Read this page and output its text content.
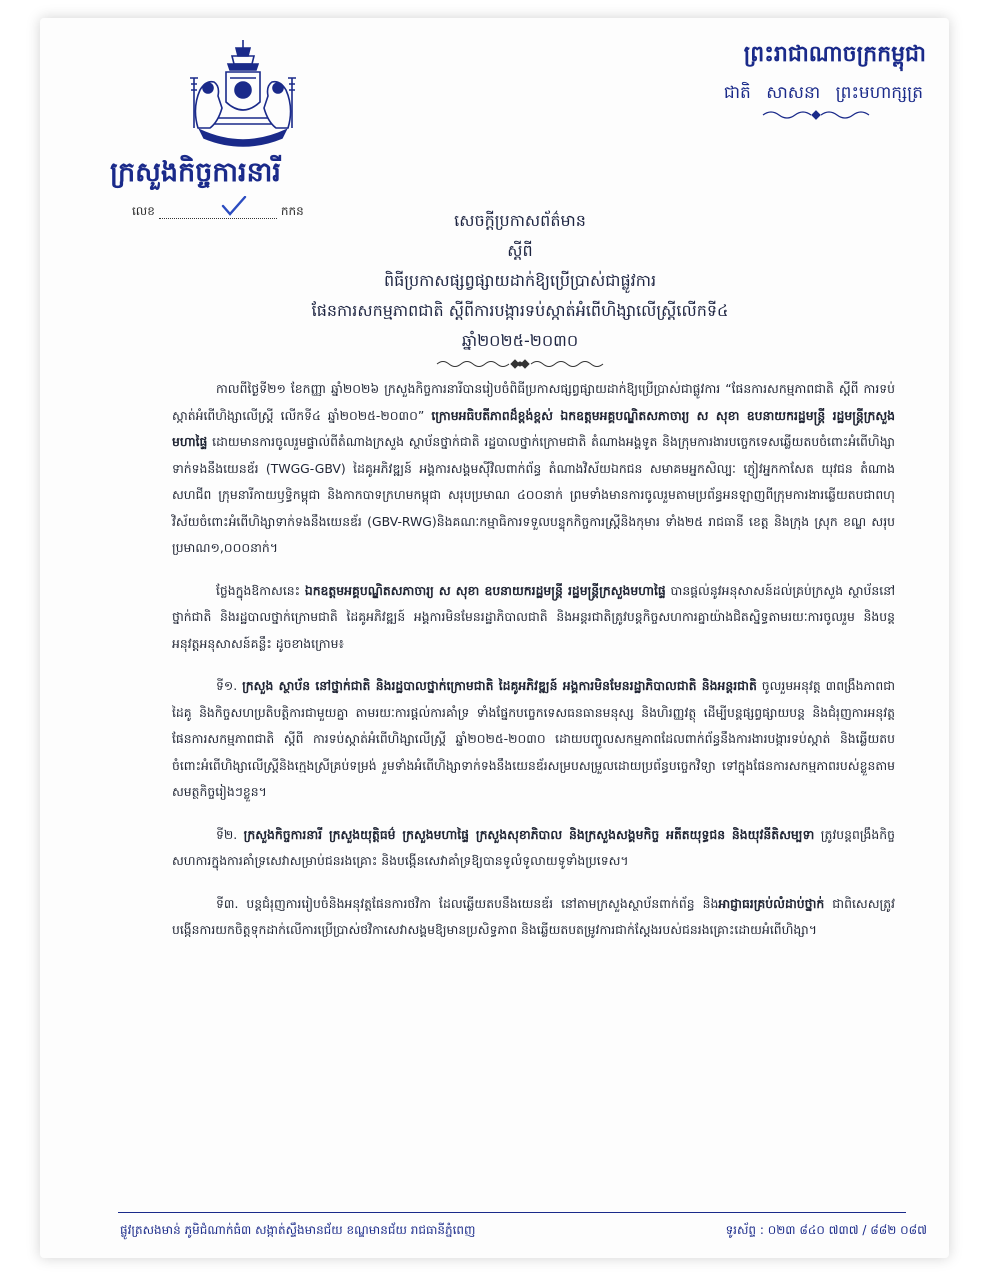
ក្រសួងកិច្ចការនារី
លេខ	កកន
ព្រះរាជាណាចក្រកម្ពុជា
ជាតិ សាសនា ព្រះមហាក្សត្រ
សេចក្តីប្រកាសព័ត៌មាន
ស្តីពី
ពិធីប្រកាសផ្សព្វផ្សាយដាក់ឱ្យប្រើប្រាស់ជាផ្លូវការ
ផែនការសកម្មភាពជាតិ ស្តីពីការបង្ការទប់ស្កាត់អំពើហិង្សាលើស្ត្រីលើកទី៤
ឆ្នាំ២០២៥-២០៣០

កាលពីថ្ងៃទី២១ ខែកញ្ញា ឆ្នាំ២០២៦ ក្រសួងកិច្ចការនារីបានរៀបចំពិធីប្រកាសផ្សព្វផ្សាយដាក់ឱ្យប្រើប្រាស់ជាផ្លូវការ “ផែនការសកម្មភាពជាតិ ស្តីពី ការទប់ស្កាត់អំពើហិង្សាលើស្ត្រី លើកទី៤ ឆ្នាំ២០២៥-២០៣០” ក្រោមអធិបតីភាពដ៏ខ្ពង់ខ្ពស់ ឯកឧត្តមអគ្គបណ្ឌិតសភាចារ្យ ស សុខា ឧបនាយករដ្ឋមន្ត្រី រដ្ឋមន្ត្រីក្រសួងមហាផ្ទៃ ដោយមានការចូលរួមផ្ទាល់ពីតំណាងក្រសួង ស្ថាប័នថ្នាក់ជាតិ រដ្ឋបាលថ្នាក់ក្រោមជាតិ តំណាងអង្គទូត និងក្រុមការងារបច្ចេកទេសឆ្លើយតបចំពោះអំពើហិង្សាទាក់ទងនឹងយេនឌ័រ (TWGG-GBV) ដៃគូអភិវឌ្ឍន៍ អង្គការសង្គមស៊ីវិលពាក់ព័ន្ធ តំណាងវិស័យឯកជន សមាគមអ្នកសិល្បៈ ភ្ញៀវអ្នកកាសែត យុវជន តំណាងសហជីព ក្រុមនារីកាយឫទ្ធិកម្ពុជា និងកាកបាទក្រហមកម្ពុជា សរុបប្រមាណ ៤០០នាក់ ព្រមទាំងមានការចូលរួមតាមប្រព័ន្ធអនឡាញពីក្រុមការងារឆ្លើយតបជាពហុវិស័យចំពោះអំពើហិង្សាទាក់ទងនឹងយេនឌ័រ (GBV-RWG)និងគណៈកម្មាធិការទទួលបន្ទុកកិច្ចការស្ត្រីនិងកុមារ ទាំង២៥ រាជធានី ខេត្ត និងក្រុង ស្រុក ខណ្ឌ សរុបប្រមាណ១,០០០នាក់។

ថ្លែងក្នុងឱកាសនេះ ឯកឧត្តមអគ្គបណ្ឌិតសភាចារ្យ ស សុខា ឧបនាយករដ្ឋមន្ត្រី រដ្ឋមន្ត្រីក្រសួងមហាផ្ទៃ បានផ្តល់នូវអនុសាសន៍ដល់គ្រប់ក្រសួង ស្ថាប័ននៅថ្នាក់ជាតិ និងរដ្ឋបាលថ្នាក់ក្រោមជាតិ ដៃគូអភិវឌ្ឍន៍ អង្គការមិនមែនរដ្ឋាភិបាលជាតិ និងអន្តរជាតិត្រូវបន្តកិច្ចសហការគ្នាយ៉ាងជិតស្និទ្ធតាមរយៈការចូលរួម និងបន្តអនុវត្តអនុសាសន៍គន្លឹះ ដូចខាងក្រោម៖

ទី១. ក្រសួង ស្ថាប័ន នៅថ្នាក់ជាតិ និងរដ្ឋបាលថ្នាក់ក្រោមជាតិ ដៃគូអភិវឌ្ឍន៍ អង្គការមិនមែនរដ្ឋាភិបាលជាតិ និងអន្តរជាតិ ចូលរួមអនុវត្ត ៣ពង្រឹងភាពជាដៃគូ និងកិច្ចសហប្រតិបត្តិការជាមួយគ្នា តាមរយៈការផ្តល់ការគាំទ្រ ទាំងផ្នែកបច្ចេកទេសធនធានមនុស្ស និងហិរញ្ញវត្ថុ ដើម្បីបន្តផ្សព្វផ្សាយបន្ត និងជំរុញការអនុវត្តផែនការសកម្មភាពជាតិ ស្តីពី ការទប់ស្កាត់អំពើហិង្សាលើស្ត្រី ឆ្នាំ២០២៥-២០៣០ ដោយបញ្ចូលសកម្មភាពដែលពាក់ព័ន្ធនឹងការងារបង្ការទប់ស្កាត់ និងឆ្លើយតបចំពោះអំពើហិង្សាលើស្ត្រីនិងក្មេងស្រីគ្រប់ទម្រង់ រួមទាំងអំពើហិង្សាទាក់ទងនឹងយេនឌ័រសម្របសម្រួលដោយប្រព័ន្ធបច្ចេកវិទ្យា ទៅក្នុងផែនការសកម្មភាពរបស់ខ្លួនតាមសមត្ថកិច្ចរៀងៗខ្លួន។

ទី២. ក្រសួងកិច្ចការនារី ក្រសួងយុត្តិធម៌ ក្រសួងមហាផ្ទៃ ក្រសួងសុខាភិបាល និងក្រសួងសង្គមកិច្ច អតីតយុទ្ធជន និងយុវនីតិសម្បទា ត្រូវបន្តពង្រឹងកិច្ចសហការក្នុងការគាំទ្រសេវាសម្រាប់ជនរងគ្រោះ និងបង្កើនសេវាគាំទ្រឱ្យបានទូលំទូលាយទូទាំងប្រទេស។

ទី៣. បន្តជំរុញការរៀបចំនិងអនុវត្តផែនការថវិកា ដែលឆ្លើយតបនឹងយេនឌ័រ នៅតាមក្រសួងស្ថាប័នពាក់ព័ន្ធ និងអាជ្ញាធរគ្រប់លំដាប់ថ្នាក់ ជាពិសេសត្រូវបង្កើនការយកចិត្តទុកដាក់លើការប្រើប្រាស់ថវិកាសេវាសង្គមឱ្យមានប្រសិទ្ធភាព និងឆ្លើយតបតម្រូវការជាក់ស្តែងរបស់ជនរងគ្រោះដោយអំពើហិង្សា។

ផ្លូវត្រសងមាន់ ភូមិជំណាក់ធំ៣ សង្កាត់ស្ទឹងមានជ័យ ខណ្ឌមានជ័យ រាជធានីភ្នំពេញ	ទូរស័ព្ទ : ០២៣ ៨៤០ ៧៣៧ / ៨៨២ ០៨៧
